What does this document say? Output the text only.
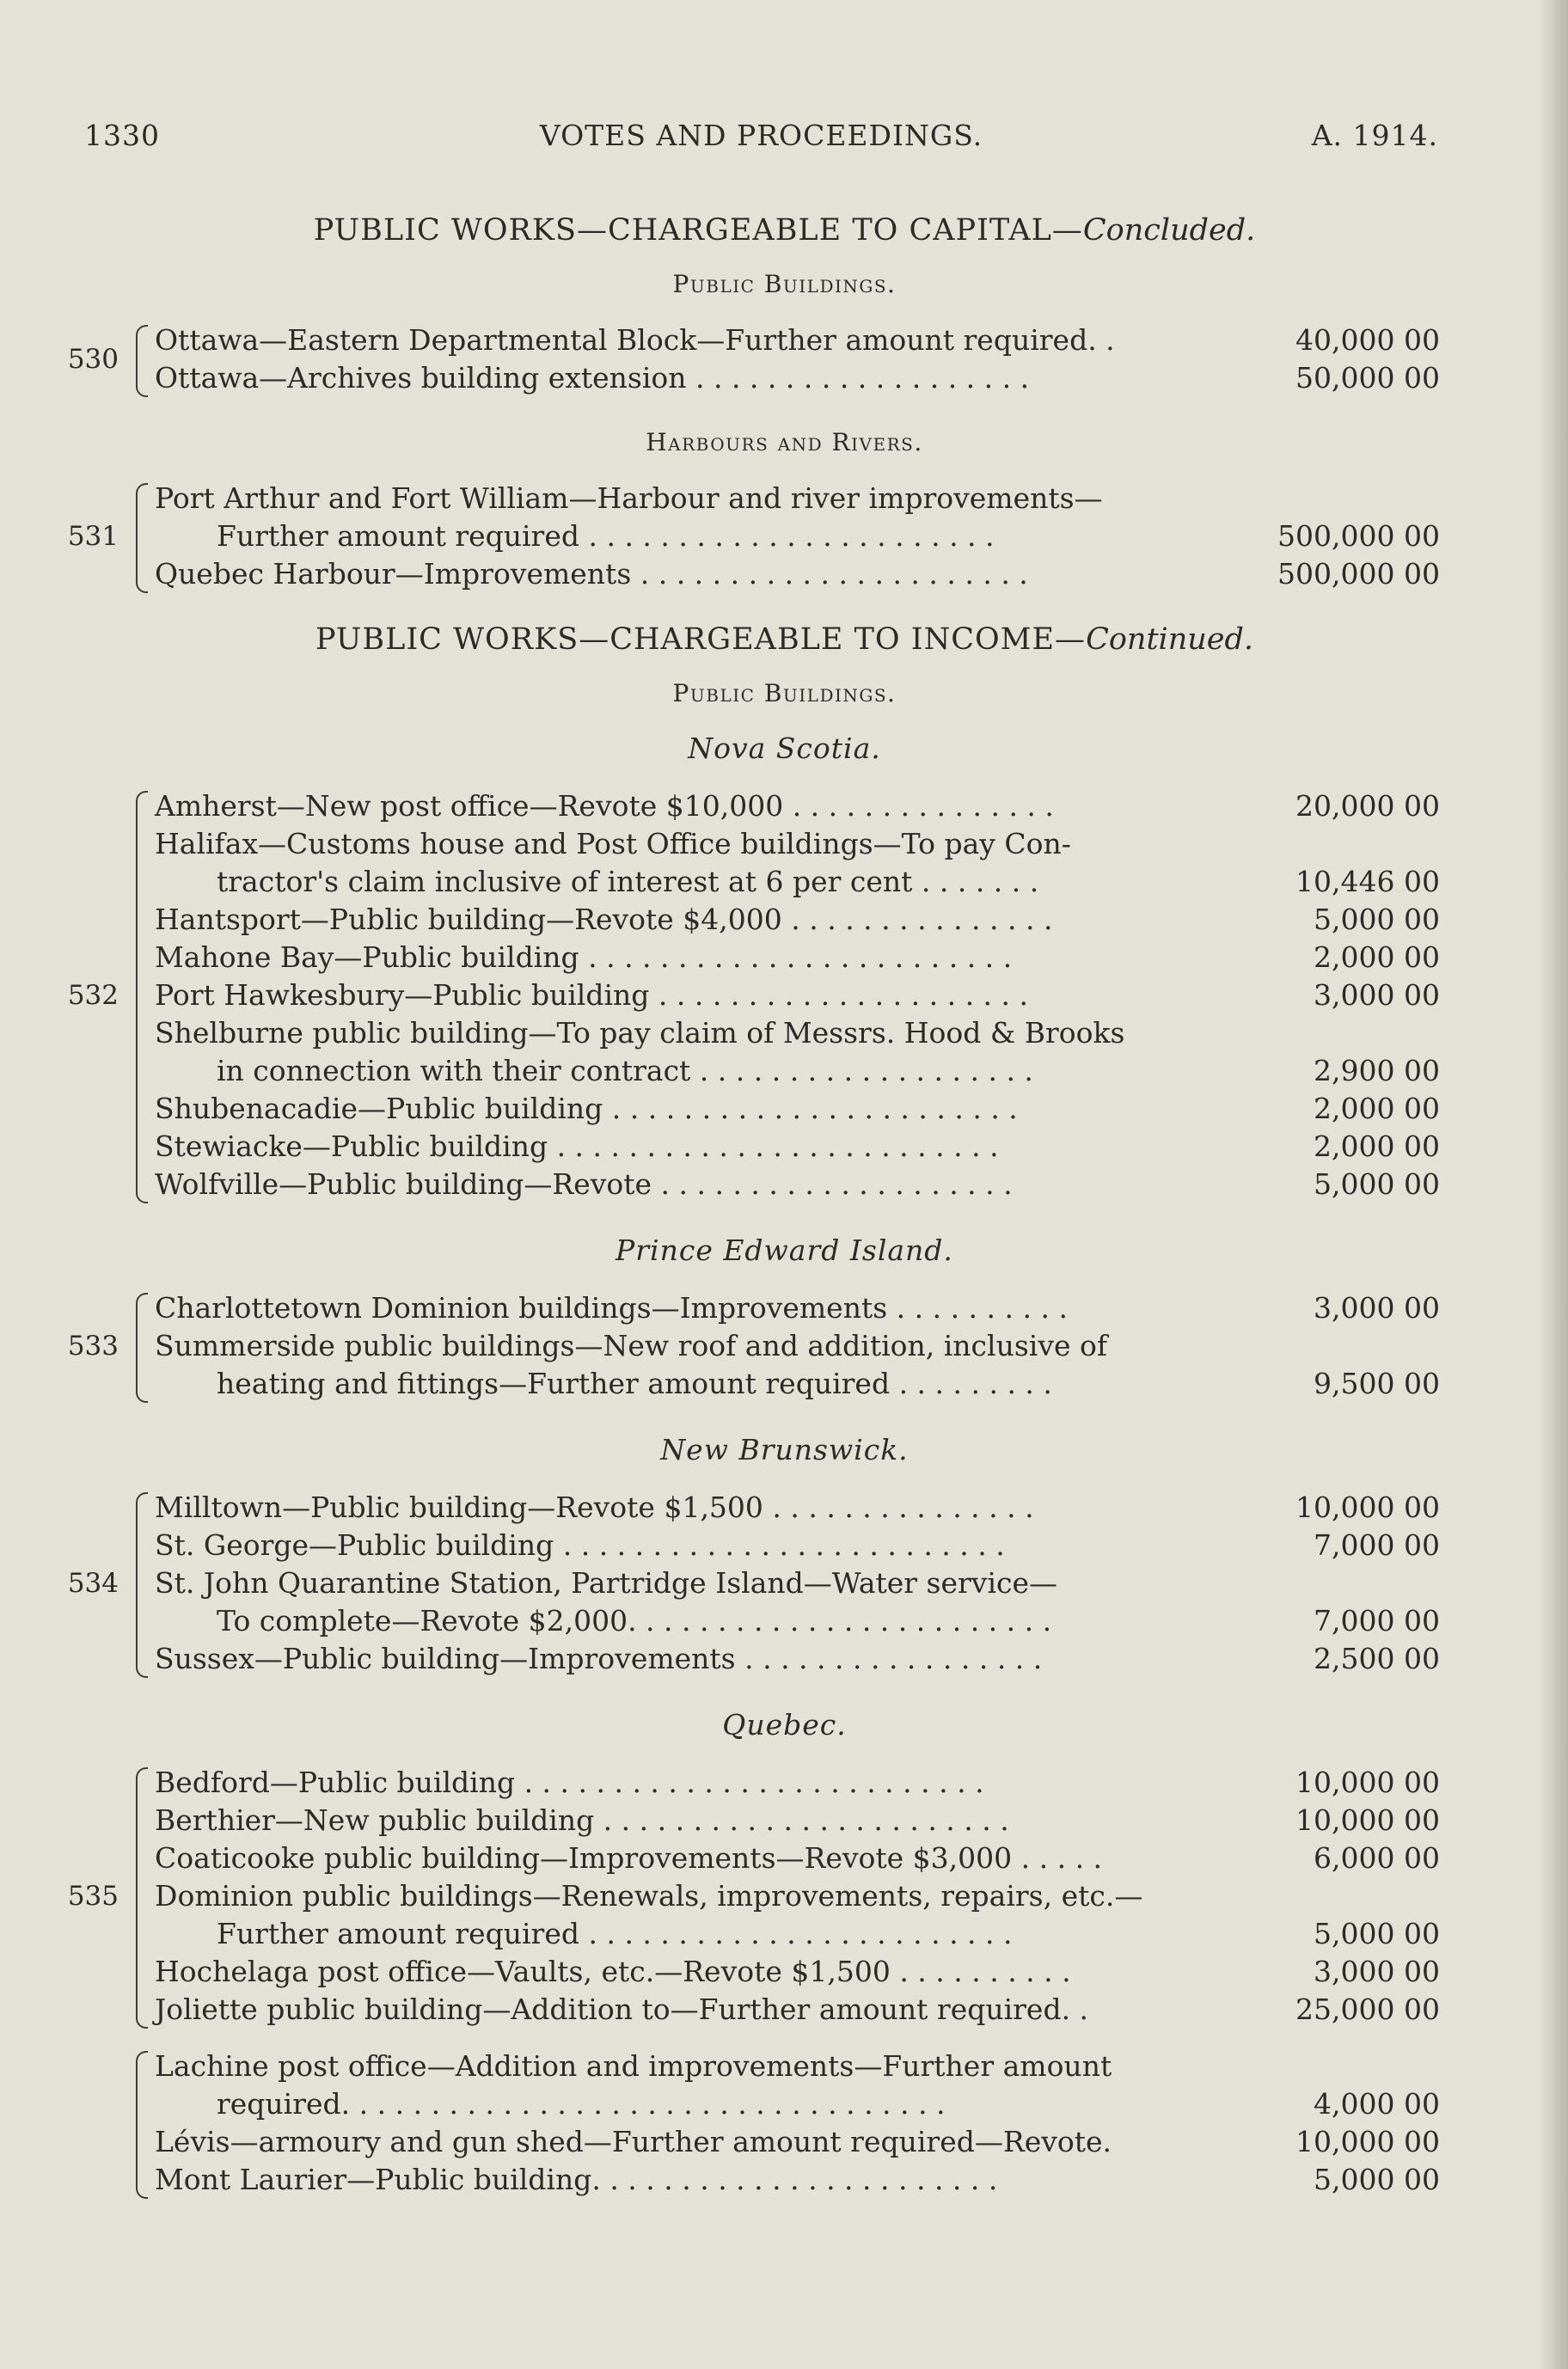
1330	VOTES AND PROCEEDINGS.	A. 1914.
PUBLIC WORKS—CHARGEABLE TO CAPITAL—Concluded.
Public Buildings.
530
Ottawa—Eastern Departmental Block—Further amount required. .	40,000 00
Ottawa—Archives building extension . . . . . . . . . . . . . . . . . . .	50,000 00
Harbours and Rivers.
531
Port Arthur and Fort William—Harbour and river improvements—
Further amount required . . . . . . . . . . . . . . . . . . . . . . .	500,000 00
Quebec Harbour—Improvements . . . . . . . . . . . . . . . . . . . . . .	500,000 00
PUBLIC WORKS—CHARGEABLE TO INCOME—Continued.
Public Buildings.
Nova Scotia.
532
Amherst—New post office—Revote $10,000 . . . . . . . . . . . . . . .	20,000 00
Halifax—Customs house and Post Office buildings—To pay Con-
tractor's claim inclusive of interest at 6 per cent . . . . . . .	10,446 00
Hantsport—Public building—Revote $4,000 . . . . . . . . . . . . . . .	5,000 00
Mahone Bay—Public building . . . . . . . . . . . . . . . . . . . . . . . .	2,000 00
Port Hawkesbury—Public building . . . . . . . . . . . . . . . . . . . . .	3,000 00
Shelburne public building—To pay claim of Messrs. Hood & Brooks
in connection with their contract . . . . . . . . . . . . . . . . . . .	2,900 00
Shubenacadie—Public building . . . . . . . . . . . . . . . . . . . . . . .	2,000 00
Stewiacke—Public building . . . . . . . . . . . . . . . . . . . . . . . . .	2,000 00
Wolfville—Public building—Revote . . . . . . . . . . . . . . . . . . . .	5,000 00
Prince Edward Island.
533
Charlottetown Dominion buildings—Improvements . . . . . . . . . .	3,000 00
Summerside public buildings—New roof and addition, inclusive of
heating and fittings—Further amount required . . . . . . . . .	9,500 00
New Brunswick.
534
Milltown—Public building—Revote $1,500 . . . . . . . . . . . . . . .	10,000 00
St. George—Public building . . . . . . . . . . . . . . . . . . . . . . . . .	7,000 00
St. John Quarantine Station, Partridge Island—Water service—
To complete—Revote $2,000. . . . . . . . . . . . . . . . . . . . . . . .	7,000 00
Sussex—Public building—Improvements . . . . . . . . . . . . . . . . .	2,500 00
Quebec.
535
Bedford—Public building . . . . . . . . . . . . . . . . . . . . . . . . . .	10,000 00
Berthier—New public building . . . . . . . . . . . . . . . . . . . . . . .	10,000 00
Coaticooke public building—Improvements—Revote $3,000 . . . . .	6,000 00
Dominion public buildings—Renewals, improvements, repairs, etc.—
Further amount required . . . . . . . . . . . . . . . . . . . . . . . .	5,000 00
Hochelaga post office—Vaults, etc.—Revote $1,500 . . . . . . . . . .	3,000 00
Joliette public building—Addition to—Further amount required. .	25,000 00
Lachine post office—Addition and improvements—Further amount
required. . . . . . . . . . . . . . . . . . . . . . . . . . . . . . . . . .	4,000 00
Lévis—armoury and gun shed—Further amount required—Revote.	10,000 00
Mont Laurier—Public building. . . . . . . . . . . . . . . . . . . . . . .	5,000 00
